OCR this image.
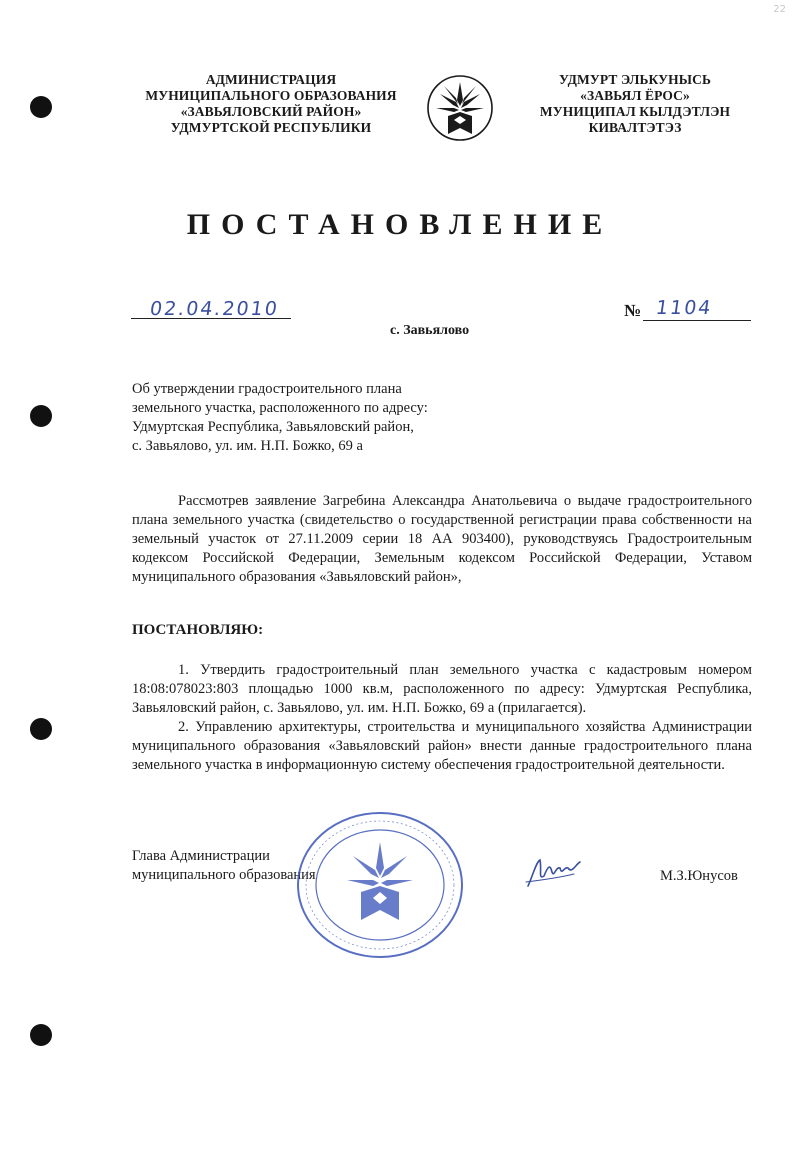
22
АДМИНИСТРАЦИЯ
МУНИЦИПАЛЬНОГО ОБРАЗОВАНИЯ
«ЗАВЬЯЛОВСКИЙ РАЙОН»
УДМУРТСКОЙ РЕСПУБЛИКИ
УДМУРТ ЭЛЬКУНЫСЬ
«ЗАВЬЯЛ ЁРОС»
МУНИЦИПАЛ КЫЛДЭТЛЭН
КИВАЛТЭТЭЗ
ПОСТАНОВЛЕНИЕ
02.04.2010	№ 1104
с. Завьялово
Об утверждении градостроительного плана
земельного участка, расположенного по адресу:
Удмуртская Республика, Завьяловский район,
с. Завьялово, ул. им. Н.П. Божко, 69 а
Рассмотрев заявление Загребина Александра Анатольевича о выдаче градостроительного плана земельного участка (свидетельство о государственной регистрации права собственности на земельный участок от 27.11.2009 серии 18 АА 903400), руководствуясь Градостроительным кодексом Российской Федерации, Земельным кодексом Российской Федерации, Уставом муниципального образования «Завьяловский район»,
ПОСТАНОВЛЯЮ:
1. Утвердить градостроительный план земельного участка с кадастровым номером 18:08:078023:803 площадью 1000 кв.м, расположенного по адресу: Удмуртская Республика, Завьяловский район, с. Завьялово, ул. им. Н.П. Божко, 69 а (прилагается).
2. Управлению архитектуры, строительства и муниципального хозяйства Администрации муниципального образования «Завьяловский район» внести данные градостроительного плана земельного участка в информационную систему обеспечения градостроительной деятельности.
Глава Администрации
муниципального образования	М.З.Юнусов
